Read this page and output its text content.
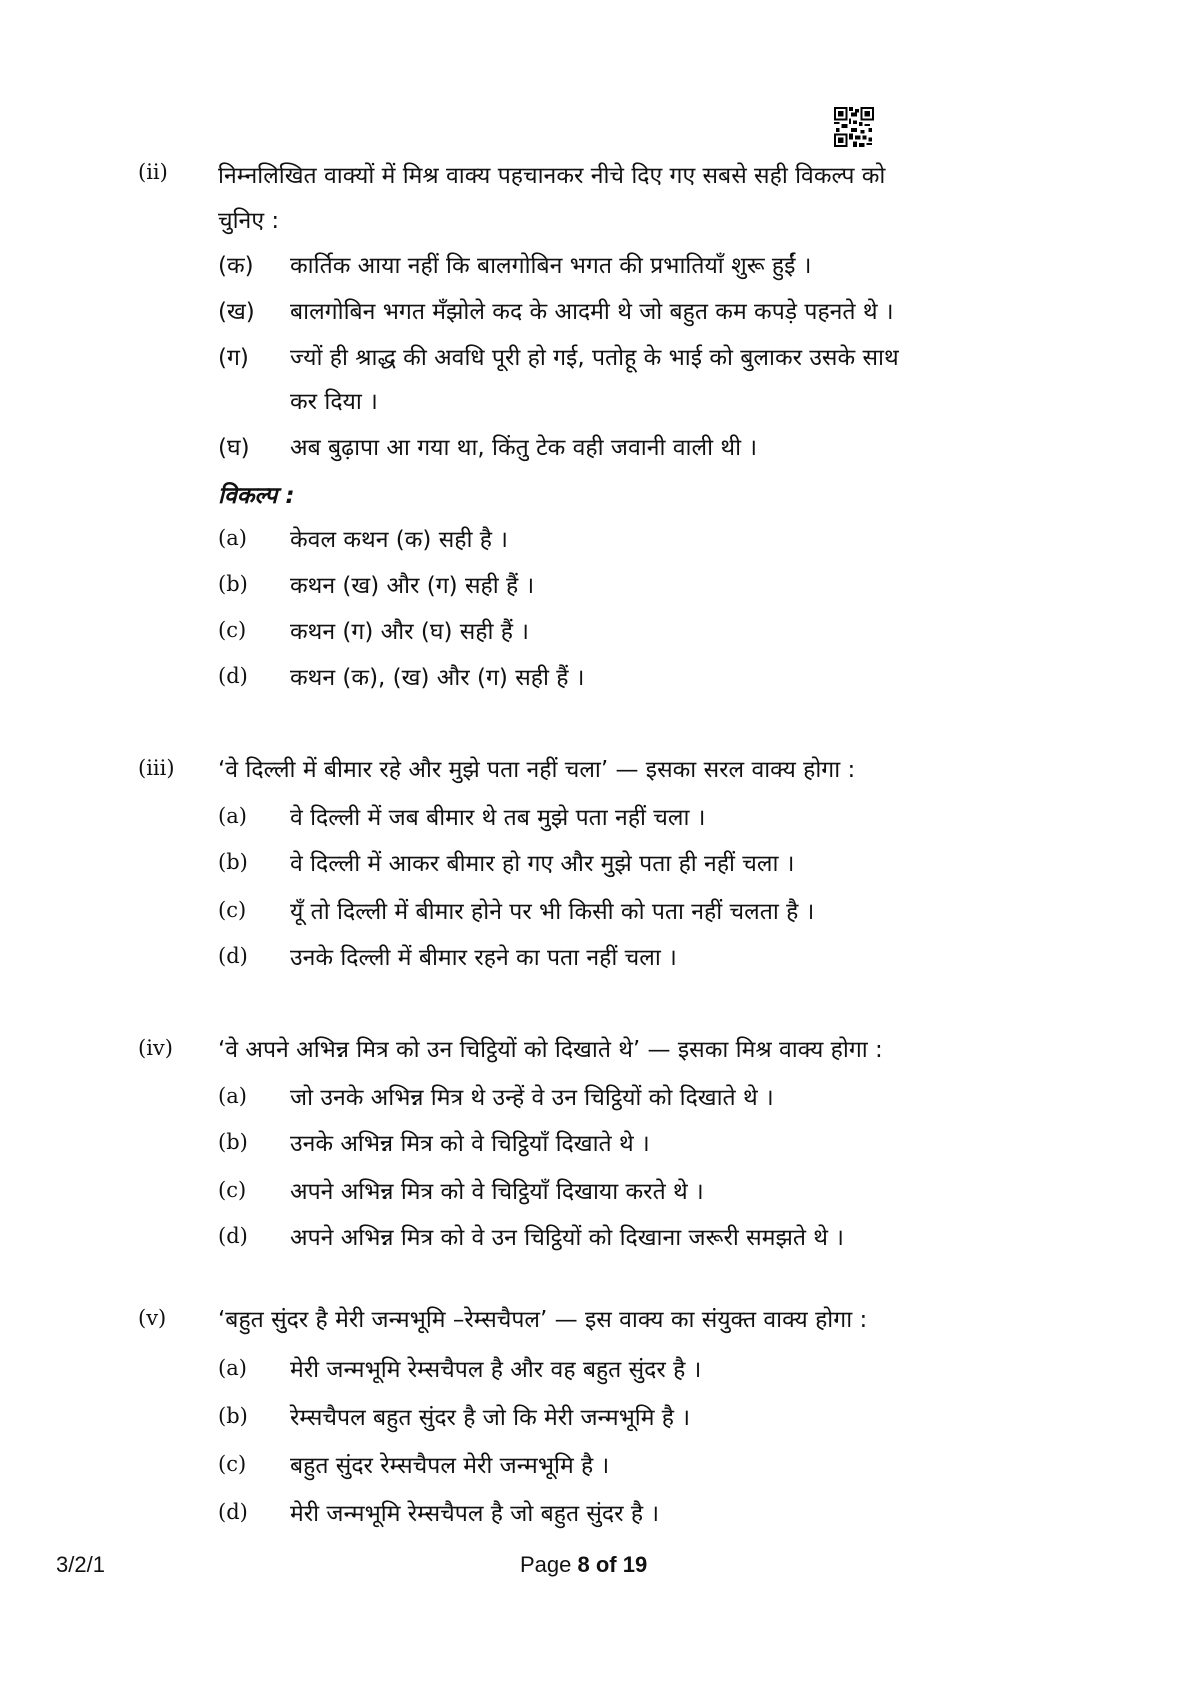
(ii) निम्नलिखित वाक्यों में मिश्र वाक्य पहचानकर नीचे दिए गए सबसे सही विकल्प को
चुनिए :
(क) कार्तिक आया नहीं कि बालगोबिन भगत की प्रभातियाँ शुरू हुईं ।
(ख) बालगोबिन भगत मँझोले कद के आदमी थे जो बहुत कम कपड़े पहनते थे ।
(ग) ज्यों ही श्राद्ध की अवधि पूरी हो गई, पतोहू के भाई को बुलाकर उसके साथ
कर दिया ।
(घ) अब बुढ़ापा आ गया था, किंतु टेक वही जवानी वाली थी ।
विकल्प :
(a) केवल कथन (क) सही है ।
(b) कथन (ख) और (ग) सही हैं ।
(c) कथन (ग) और (घ) सही हैं ।
(d) कथन (क), (ख) और (ग) सही हैं ।
(iii) ‘वे दिल्ली में बीमार रहे और मुझे पता नहीं चला’ — इसका सरल वाक्य होगा :
(a) वे दिल्ली में जब बीमार थे तब मुझे पता नहीं चला ।
(b) वे दिल्ली में आकर बीमार हो गए और मुझे पता ही नहीं चला ।
(c) यूँ तो दिल्ली में बीमार होने पर भी किसी को पता नहीं चलता है ।
(d) उनके दिल्ली में बीमार रहने का पता नहीं चला ।
(iv) ‘वे अपने अभिन्न मित्र को उन चिट्ठियों को दिखाते थे’ — इसका मिश्र वाक्य होगा :
(a) जो उनके अभिन्न मित्र थे उन्हें वे उन चिट्ठियों को दिखाते थे ।
(b) उनके अभिन्न मित्र को वे चिट्ठियाँ दिखाते थे ।
(c) अपने अभिन्न मित्र को वे चिट्ठियाँ दिखाया करते थे ।
(d) अपने अभिन्न मित्र को वे उन चिट्ठियों को दिखाना जरूरी समझते थे ।
(v) ‘बहुत सुंदर है मेरी जन्मभूमि –रेम्सचैपल’ — इस वाक्य का संयुक्त वाक्य होगा :
(a) मेरी जन्मभूमि रेम्सचैपल है और वह बहुत सुंदर है ।
(b) रेम्सचैपल बहुत सुंदर है जो कि मेरी जन्मभूमि है ।
(c) बहुत सुंदर रेम्सचैपल मेरी जन्मभूमि है ।
(d) मेरी जन्मभूमि रेम्सचैपल है जो बहुत सुंदर है ।
3/2/1	Page 8 of 19
